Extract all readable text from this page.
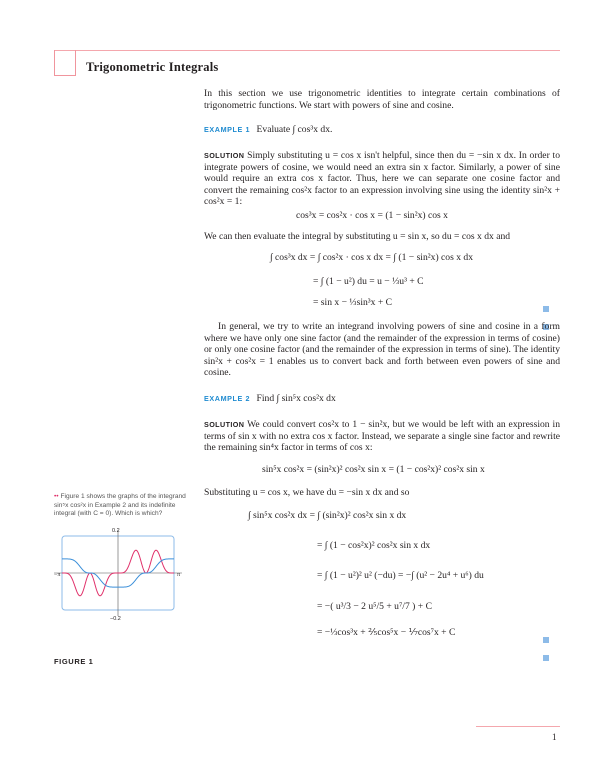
Trigonometric Integrals
In this section we use trigonometric identities to integrate certain combinations of trigonometric functions. We start with powers of sine and cosine.
EXAMPLE 1 Evaluate ∫ cos³x dx.
SOLUTION Simply substituting u = cos x isn't helpful, since then du = −sin x dx. In order to integrate powers of cosine, we would need an extra sin x factor. Similarly, a power of sine would require an extra cos x factor. Thus, here we can separate one cosine factor and convert the remaining cos²x factor to an expression involving sine using the identity sin²x + cos²x = 1:
cos³x = cos²x · cos x = (1 − sin²x) cos x
We can then evaluate the integral by substituting u = sin x, so du = cos x dx and
∫ cos³x dx = ∫ cos²x · cos x dx = ∫ (1 − sin²x) cos x dx
= ∫ (1 − u²) du = u − ⅓u³ + C
= sin x − ⅓sin³x + C
In general, we try to write an integrand involving powers of sine and cosine in a form where we have only one sine factor (and the remainder of the expression in terms of cosine) or only one cosine factor (and the remainder of the expression in terms of sine). The identity sin²x + cos²x = 1 enables us to convert back and forth between even powers of sine and cosine.
EXAMPLE 2 Find ∫ sin⁵x cos²x dx
SOLUTION We could convert cos²x to 1 − sin²x, but we would be left with an expression in terms of sin x with no extra cos x factor. Instead, we separate a single sine factor and rewrite the remaining sin⁴x factor in terms of cos x:
sin⁵x cos²x = (sin²x)² cos²x sin x = (1 − cos²x)² cos²x sin x
Substituting u = cos x, we have du = −sin x dx and so
∫ sin⁵x cos²x dx = ∫ (sin²x)² cos²x sin x dx
= ∫ (1 − cos²x)² cos²x sin x dx
= ∫ (1 − u²)² u² (−du) = −∫ (u² − 2u⁴ + u⁶) du
= −( u³/3 − 2 u⁵/5 + u⁷/7 ) + C
= −⅓cos³x + ⅖cos⁵x − ⅐cos⁷x + C
•• Figure 1 shows the graphs of the integrand sin⁵x cos²x in Example 2 and its indefinite integral (with C = 0). Which is which?
0.2
−0.2
−π	π
FIGURE 1
1
